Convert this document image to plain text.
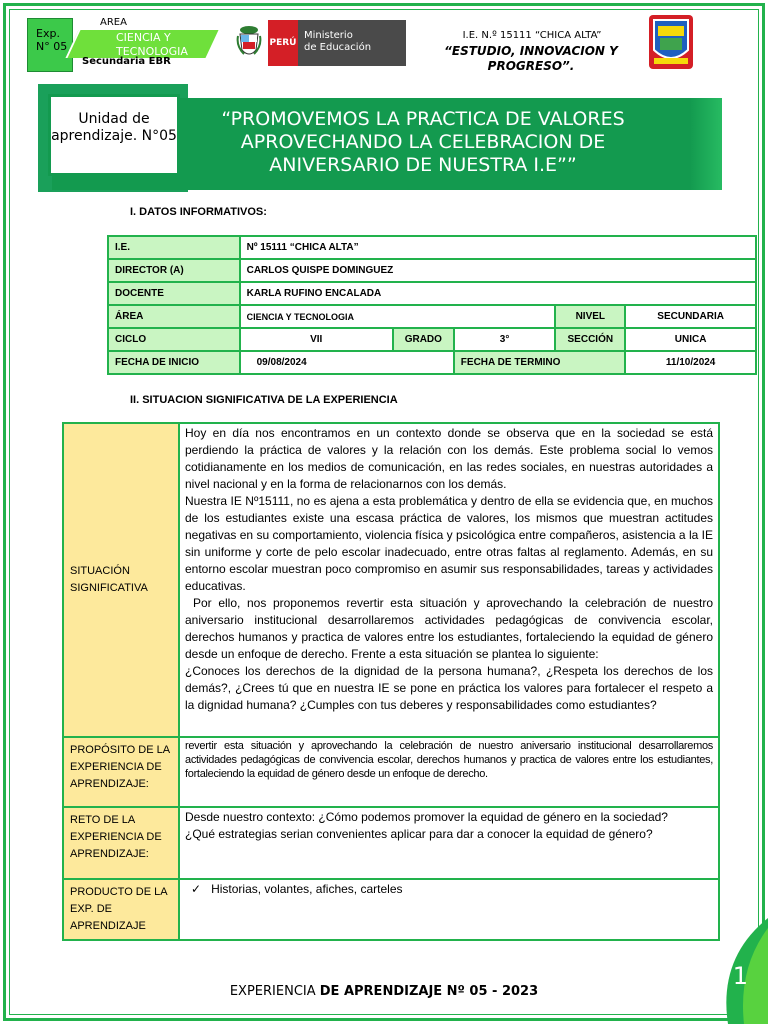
Exp.
N° 05
ÁREA
CIENCIA Y TECNOLOGIA
Secundaria EBR
PERÚ
Ministerio
de Educación
I.E. N.º 15111 “CHICA ALTA”
“ESTUDIO, INNOVACION Y PROGRESO”.
Unidad de aprendizaje. N°05
“PROMOVEMOS LA PRACTICA DE VALORES APROVECHANDO LA CELEBRACION DE ANIVERSARIO DE NUESTRA I.E””
I. DATOS INFORMATIVOS:
I.E.	Nº 15111 “CHICA ALTA”				
DIRECTOR (A)	CARLOS QUISPE DOMINGUEZ				
DOCENTE	KARLA RUFINO ENCALADA				
ÁREA	CIENCIA Y TECNOLOGIA			NIVEL	SECUNDARIA
CICLO	VII	GRADO	3°	SECCIÓN	UNICA
FECHA DE INICIO	09/08/2024		FECHA DE TERMINO		11/10/2024
II. SITUACION SIGNIFICATIVA DE LA EXPERIENCIA
SITUACIÓN SIGNIFICATIVA	Hoy en día nos encontramos en un contexto donde se observa que en la sociedad se está perdiendo la práctica de valores y la relación con los demás. Este problema social lo vemos cotidianamente en los medios de comunicación, en las redes sociales, en nuestras autoridades a nivel nacional y en la forma de relacionarnos con los demás.
Nuestra IE Nº15111, no es ajena a esta problemática y dentro de ella se evidencia que, en muchos de los estudiantes existe una escasa práctica de valores, los mismos que muestran actitudes negativas en su comportamiento, violencia física y psicológica entre compañeros, asistencia a la IE sin uniforme y corte de pelo escolar inadecuado, entre otras faltas al reglamento. Además, en su entorno escolar muestran poco compromiso en asumir sus responsabilidades, tareas y actividades educativas.
Por ello, nos proponemos revertir esta situación y aprovechando la celebración de nuestro aniversario institucional desarrollaremos actividades pedagógicas de convivencia escolar, derechos humanos y practica de valores entre los estudiantes, fortaleciendo la equidad de género desde un enfoque de derecho. Frente a esta situación se plantea lo siguiente:
¿Conoces los derechos de la dignidad de la persona humana?, ¿Respeta los derechos de los demás?, ¿Crees tú que en nuestra IE se pone en práctica los valores para fortalecer el respeto a la dignidad humana? ¿Cumples con tus deberes y responsabilidades como estudiantes?

PROPÓSITO DE LA EXPERIENCIA DE APRENDIZAJE:	revertir esta situación y aprovechando la celebración de nuestro aniversario institucional desarrollaremos actividades pedagógicas de convivencia escolar, derechos humanos y practica de valores entre los estudiantes, fortaleciendo la equidad de género desde un enfoque de derecho.
RETO DE LA EXPERIENCIA DE APRENDIZAJE:	Desde nuestro contexto: ¿Cómo podemos promover la equidad de género en la sociedad?
¿Qué estrategias serian convenientes aplicar para dar a conocer la equidad de género?

PRODUCTO DE LA EXP. DE APRENDIZAJE	✓ Historias, volantes, afiches, carteles
EXPERIENCIA DE APRENDIZAJE Nº 05 - 2023
1
